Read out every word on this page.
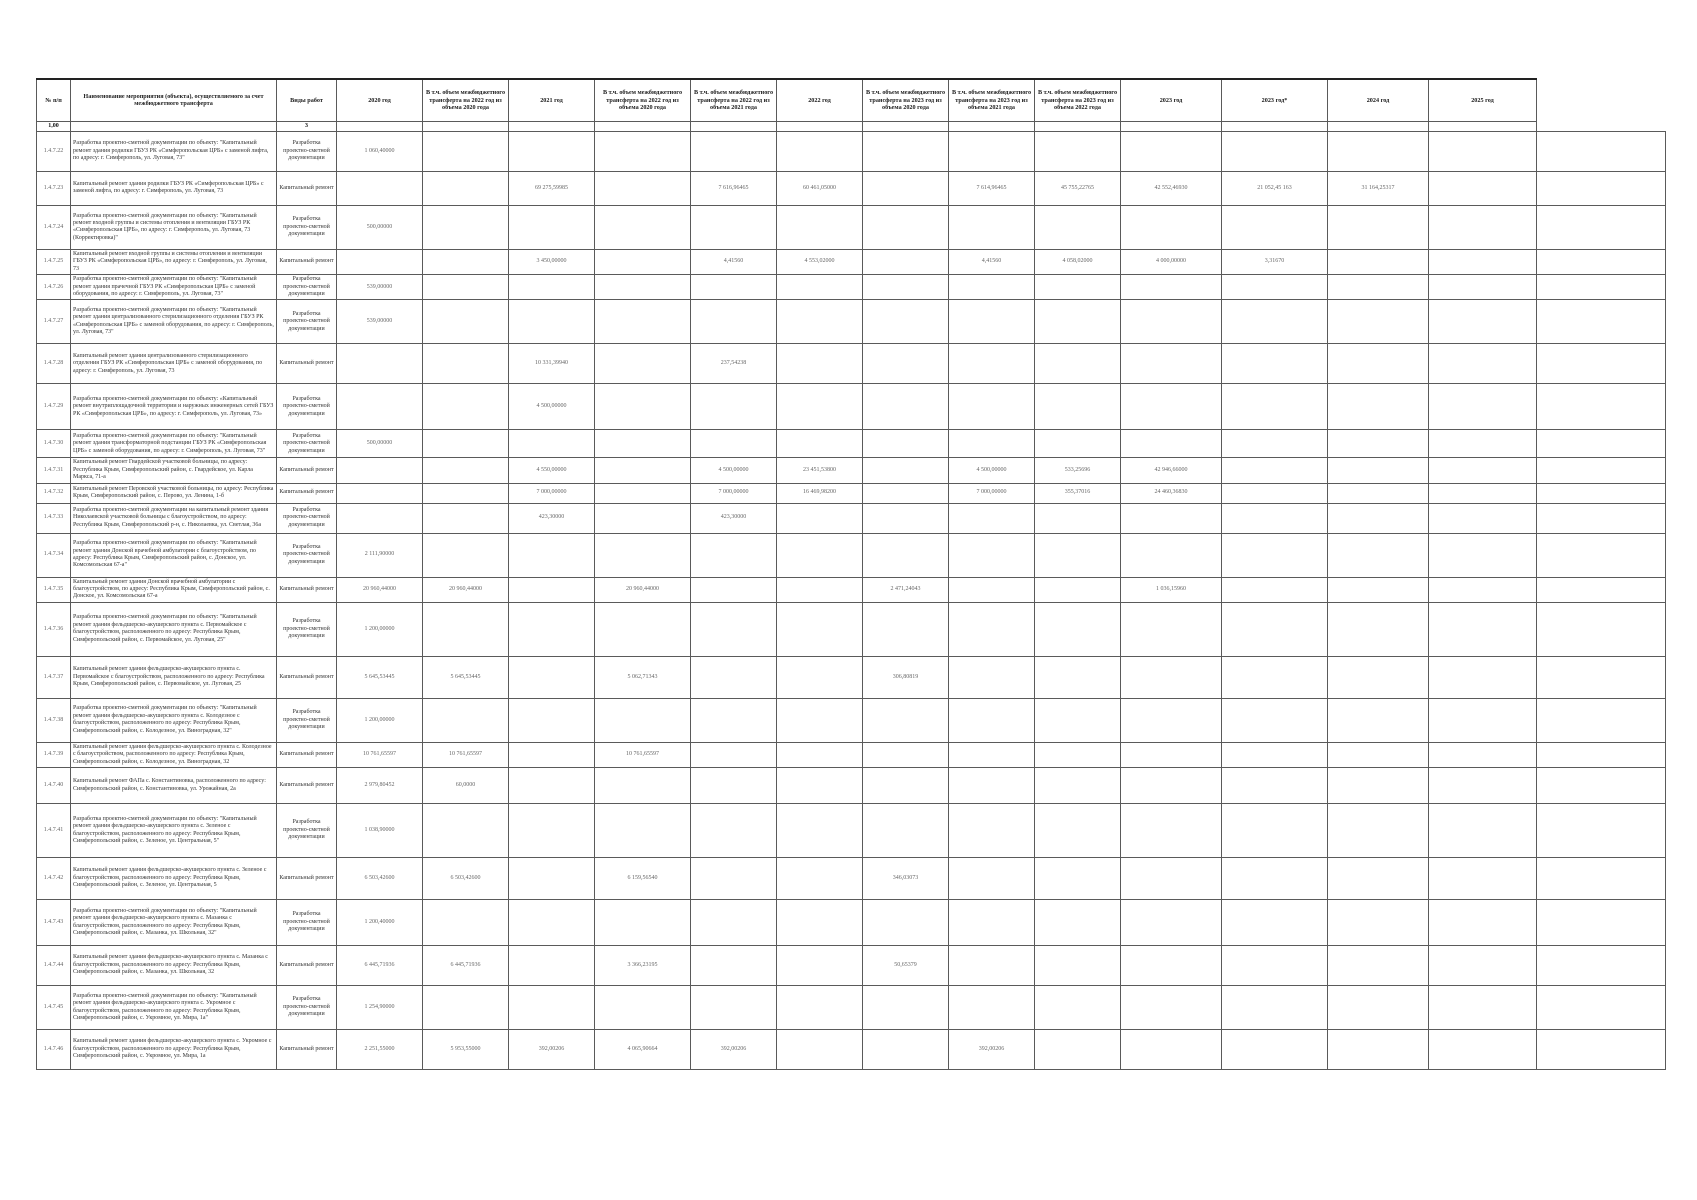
№ п/п	Наименование мероприятия (объекта), осуществляемого за счет межбюджетного трансферта	Виды работ	2020 год	В т.ч. объем межбюджетного трансферта на 2022 год из объема 2020 года	2021 год	В т.ч. объем межбюджетного трансферта на 2022 год из объема 2020 года	В т.ч. объем межбюджетного трансферта на 2022 год из объема 2021 года	2022 год	В т.ч. объем межбюджетного трансферта на 2023 год из объема 2020 года	В т.ч. объем межбюджетного трансферта на 2023 год из объема 2021 года	В т.ч. объем межбюджетного трансферта на 2023 год из объема 2022 года	2023 год	2023 год*	2024 год	2025 год	
1,00		3														
1.4.7.22	Разработка проектно-сметной документации по объекту: "Капитальный ремонт здания родилки ГБУЗ РК «Симферопольская ЦРБ» с заменой лифта, по адресу: г. Симферополь, ул. Луговая, 73"	Разработка проектно-сметной документации	1 060,40000													
1.4.7.23	Капитальный ремонт здания родилки ГБУЗ РК «Симферопольская ЦРБ» с заменой лифта, по адресу: г. Симферополь, ул. Луговая, 73	Капитальный ремонт			69 275,59985		7 616,96465	60 461,05000		7 614,96465	45 755,22765	42 552,46930	21 052,45 163	31 164,25317		
1.4.7.24	Разработка проектно-сметной документации по объекту: "Капитальный ремонт входной группы и системы отопления и вентиляции ГБУЗ РК «Симферопольская ЦРБ», по адресу: г. Симферополь, ул. Луговая, 73 (Корректировка)"	Разработка проектно-сметной документации	500,00000													
1.4.7.25	Капитальный ремонт входной группы и системы отопления и вентиляции ГБУЗ РК «Симферопольская ЦРБ», по адресу: г. Симферополь, ул. Луговая, 73	Капитальный ремонт			3 450,00000		4,41560	4 553,02000		4,41560	4 058,02000	4 000,00000	3,31670			
1.4.7.26	Разработка проектно-сметной документации по объекту: "Капитальный ремонт здания прачечной ГБУЗ РК «Симферопольская ЦРБ» с заменой оборудования, по адресу: г. Симферополь, ул. Луговая, 73"	Разработка проектно-сметной документации	539,00000													
1.4.7.27	Разработка проектно-сметной документации по объекту: "Капитальный ремонт здания централизованного стерилизационного отделения ГБУЗ РК «Симферопольская ЦРБ» с заменой оборудования, по адресу: г. Симферополь, ул. Луговая, 73"	Разработка проектно-сметной документации	539,00000													
1.4.7.28	Капитальный ремонт здания централизованного стерилизационного отделения ГБУЗ РК «Симферопольская ЦРБ» с заменой оборудования, по адресу: г. Симферополь, ул. Луговая, 73	Капитальный ремонт			10 331,39940		237,54238									
1.4.7.29	Разработка проектно-сметной документации по объекту: «Капитальный ремонт внутриплощадочной территории и наружных инженерных сетей ГБУЗ РК «Симферопольская ЦРБ», по адресу: г. Симферополь, ул. Луговая, 73»	Разработка проектно-сметной документации			4 500,00000											
1.4.7.30	Разработка проектно-сметной документации по объекту: "Капитальный ремонт здания трансформаторной подстанции ГБУЗ РК «Симферопольская ЦРБ» с заменой оборудования, по адресу: г. Симферополь, ул. Луговая, 73"	Разработка проектно-сметной документации	500,00000													
1.4.7.31	Капитальный ремонт Гвардейской участковой больницы, по адресу: Республика Крым, Симферопольский район, с. Гвардейское, ул. Карла Маркса, 71-а	Капитальный ремонт			4 550,00000		4 500,00000	23 451,53800		4 500,00000	533,25696	42 946,66000				
1.4.7.32	Капитальный ремонт Перовской участковой больницы, по адресу: Республика Крым, Симферопольский район, с. Перово, ул. Ленина, 1-б	Капитальный ремонт			7 000,00000		7 000,00000	16 469,98200		7 000,00000	355,37016	24 460,36830				
1.4.7.33	Разработка проектно-сметной документации на капитальный ремонт здания Николаевской участковой больницы с благоустройством, по адресу: Республика Крым, Симферопольский р-н, с. Николаевка, ул. Светлая, 36а	Разработка проектно-сметной документации			423,30000		423,30000									
1.4.7.34	Разработка проектно-сметной документации по объекту: "Капитальный ремонт здания Донской врачебной амбулатории с благоустройством, по адресу: Республика Крым, Симферопольский район, с. Донское, ул. Комсомольская 67-а"	Разработка проектно-сметной документации	2 111,90000													
1.4.7.35	Капитальный ремонт здания Донской врачебной амбулатории с благоустройством, по адресу: Республика Крым, Симферопольский район, с. Донское, ул. Комсомольская 67-а	Капитальный ремонт	20 960,44000	20 960,44000		20 960,44000			2 471,24043			1 036,15960				
1.4.7.36	Разработка проектно-сметной документации по объекту: "Капитальный ремонт здания фельдшерско-акушерского пункта с. Первомайское с благоустройством, расположенного по адресу: Республика Крым, Симферопольский район, с. Первомайское, ул. Луговая, 25"	Разработка проектно-сметной документации	1 200,00000													
1.4.7.37	Капитальный ремонт здания фельдшерско-акушерского пункта с. Первомайское с благоустройством, расположенного по адресу: Республика Крым, Симферопольский район, с. Первомайское, ул. Луговая, 25	Капитальный ремонт	5 645,53445	5 645,53445		5 062,71343			306,80819							
1.4.7.38	Разработка проектно-сметной документации по объекту: "Капитальный ремонт здания фельдшерско-акушерского пункта с. Колодезное с благоустройством, расположенного по адресу: Республика Крым, Симферопольский район, с. Колодезное, ул. Виноградная, 32"	Разработка проектно-сметной документации	1 200,00000													
1.4.7.39	Капитальный ремонт здания фельдшерско-акушерского пункта с. Колодезное с благоустройством, расположенного по адресу: Республика Крым, Симферопольский район, с. Колодезное, ул. Виноградная, 32	Капитальный ремонт	10 761,65597	10 761,65597		10 761,65597										
1.4.7.40	Капитальный ремонт ФАПа с. Константиновка, расположенного по адресу: Симферопольский район, с. Константиновка, ул. Урожайная, 2а	Капитальный ремонт	2 979,80452	60,0000												
1.4.7.41	Разработка проектно-сметной документации по объекту: "Капитальный ремонт здания фельдшерско-акушерского пункта с. Зеленое с благоустройством, расположенного по адресу: Республика Крым, Симферопольский район, с. Зеленое, ул. Центральная, 5"	Разработка проектно-сметной документации	1 038,90000													
1.4.7.42	Капитальный ремонт здания фельдшерско-акушерского пункта с. Зеленое с благоустройством, расположенного по адресу: Республика Крым, Симферопольский район, с. Зеленое, ул. Центральная, 5	Капитальный ремонт	6 503,42600	6 503,42600		6 159,56540			346,03073							
1.4.7.43	Разработка проектно-сметной документации по объекту: "Капитальный ремонт здания фельдшерско-акушерского пункта с. Мазанка с благоустройством, расположенного по адресу: Республика Крым, Симферопольский район, с. Мазанка, ул. Школьная, 32"	Разработка проектно-сметной документации	1 200,40000													
1.4.7.44	Капитальный ремонт здания фельдшерско-акушерского пункта с. Мазанка с благоустройством, расположенного по адресу: Республика Крым, Симферопольский район, с. Мазанка, ул. Школьная, 32	Капитальный ремонт	6 445,71936	6 445,71936		3 366,23195			50,65379							
1.4.7.45	Разработка проектно-сметной документации по объекту: "Капитальный ремонт здания фельдшерско-акушерского пункта с. Укромное с благоустройством, расположенного по адресу: Республика Крым, Симферопольский район, с. Укромное, ул. Мира, 1а"	Разработка проектно-сметной документации	1 254,90000													
1.4.7.46	Капитальный ремонт здания фельдшерско-акушерского пункта с. Укромное с благоустройством, расположенного по адресу: Республика Крым, Симферопольский район, с. Укромное, ул. Мира, 1а	Капитальный ремонт	2 251,55000	5 953,55000	392,00206	4 065,90664	392,00206			392,00206						
